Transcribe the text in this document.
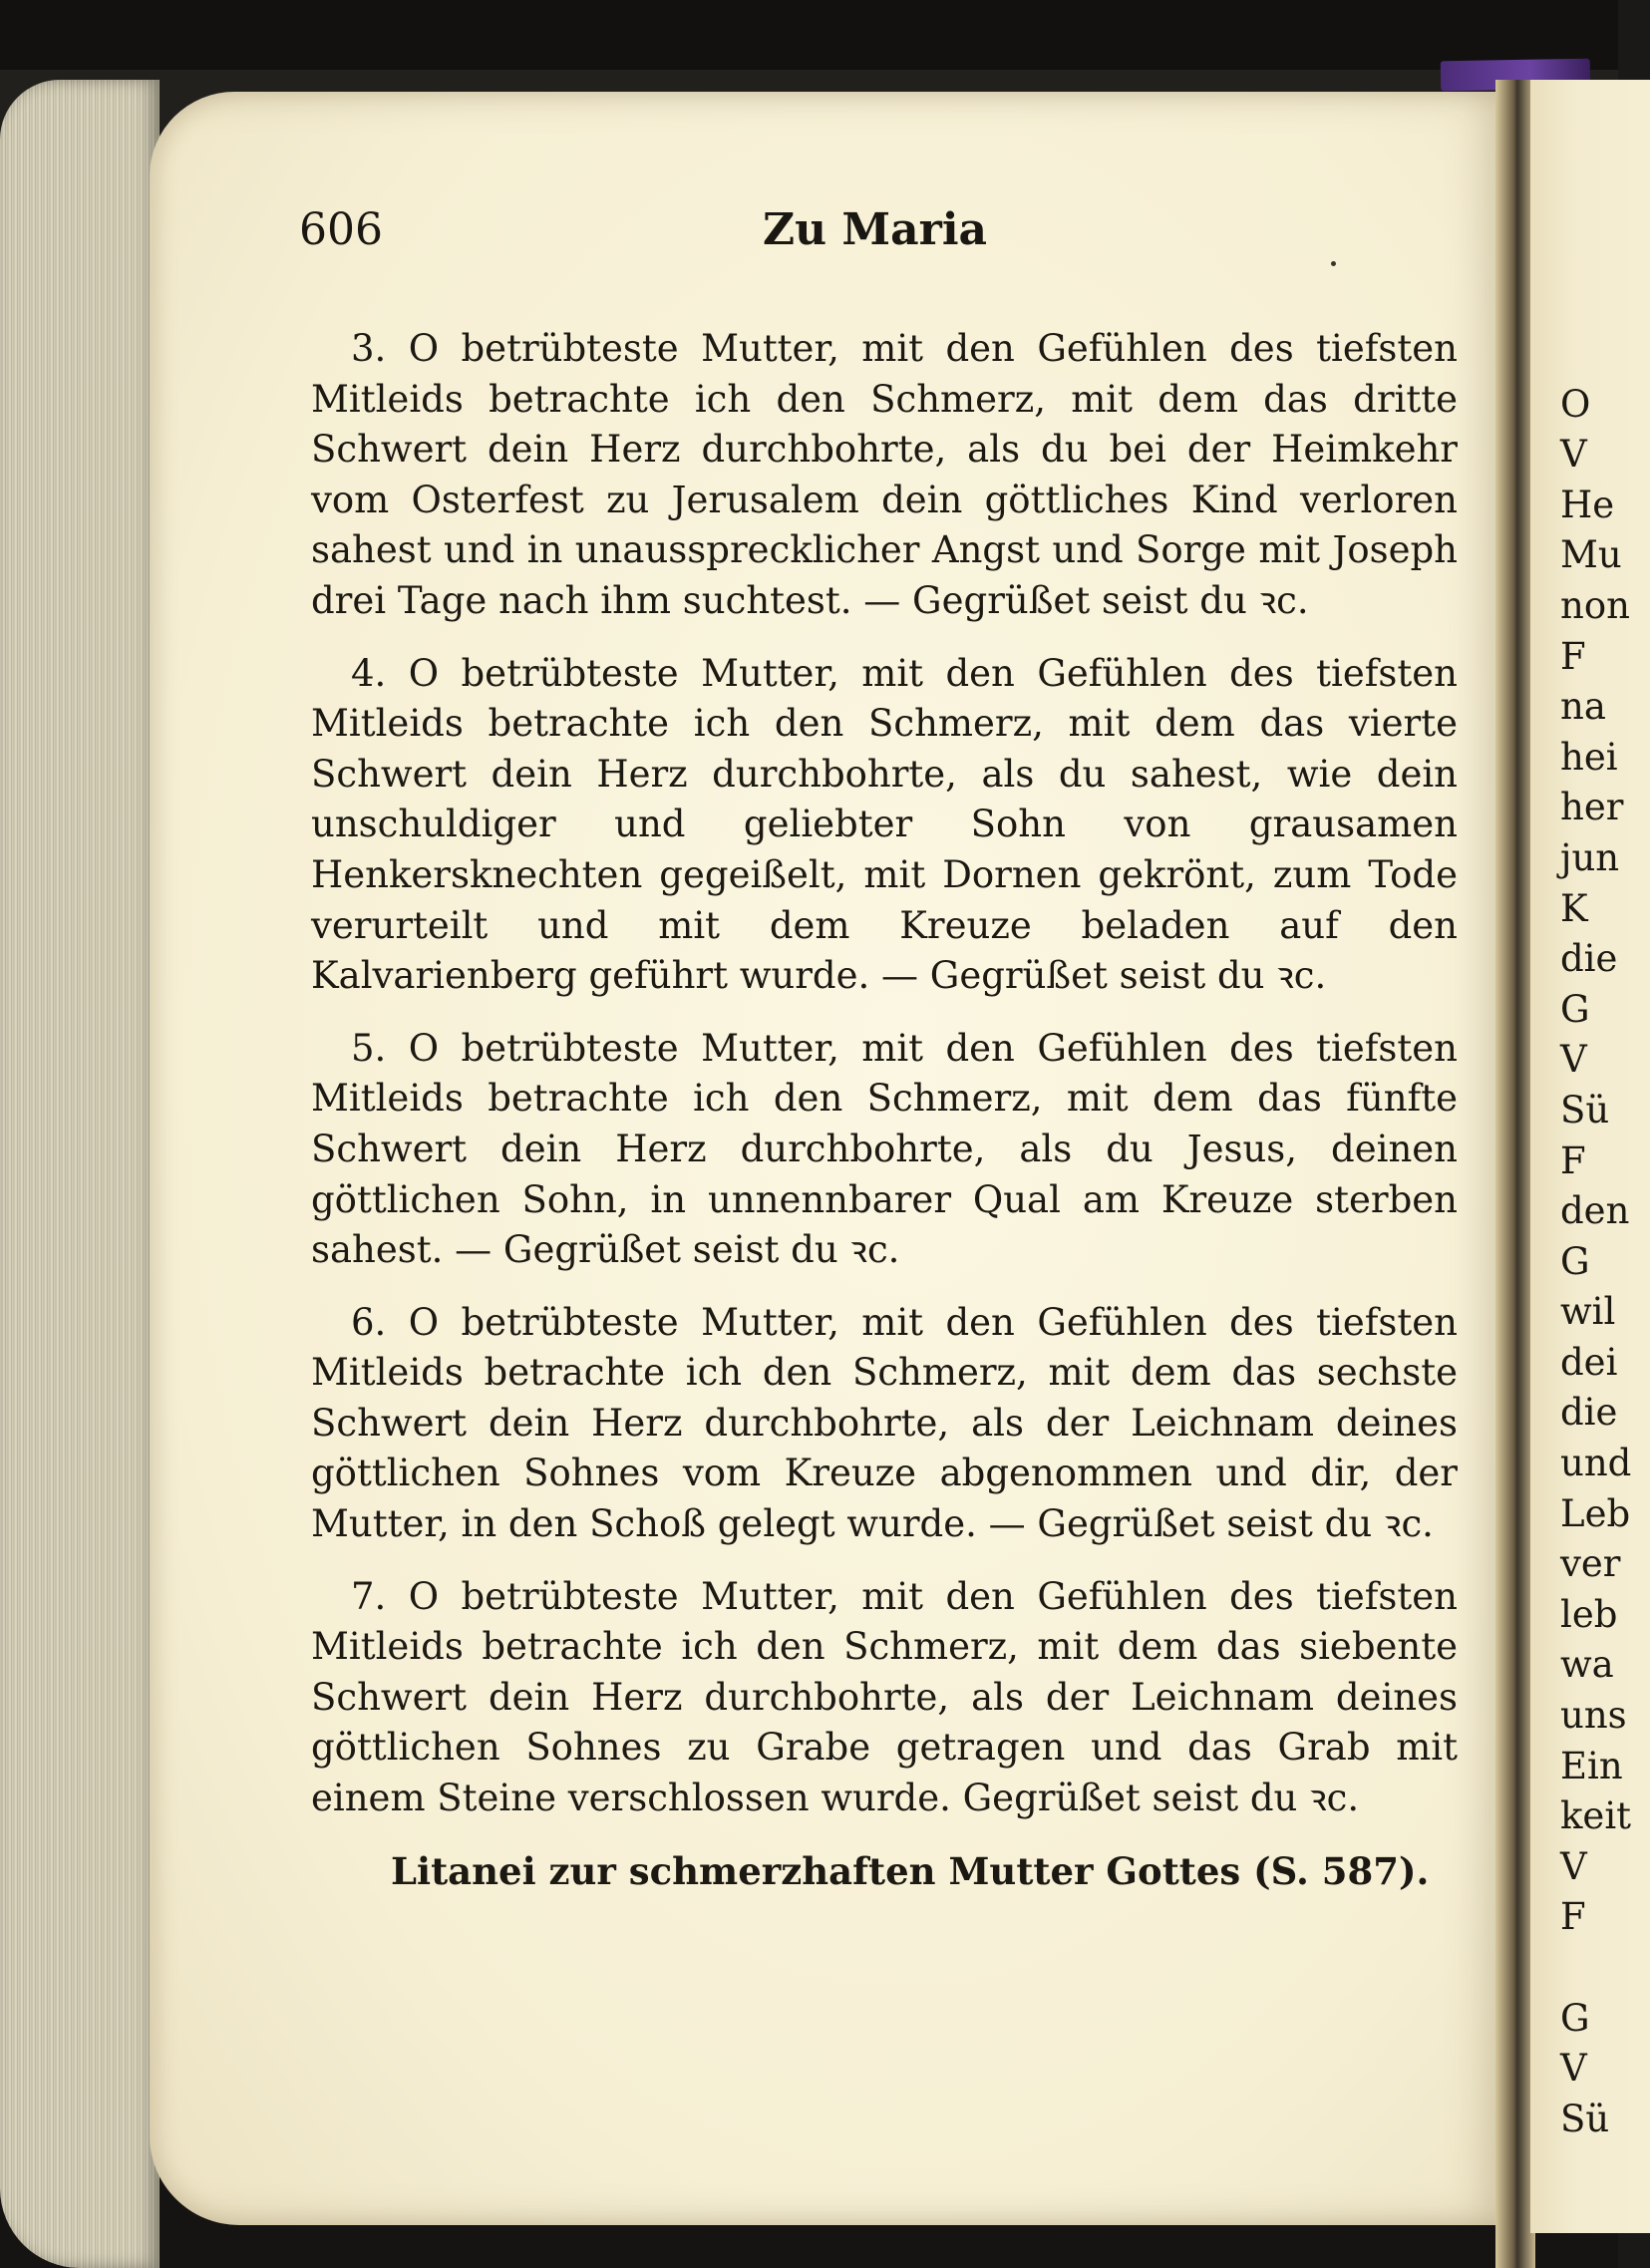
606	Zu Maria

3. O betrübteste Mutter, mit den Gefühlen des tiefsten Mitleids betrachte ich den Schmerz, mit dem das dritte Schwert dein Herz durchbohrte, als du bei der Heimkehr vom Osterfest zu Jerusalem dein göttliches Kind verloren sahest und in unaussprecklicher Angst und Sorge mit Joseph drei Tage nach ihm suchtest. — Gegrüßet seist du ꝛc.

4. O betrübteste Mutter, mit den Gefühlen des tiefsten Mitleids betrachte ich den Schmerz, mit dem das vierte Schwert dein Herz durchbohrte, als du sahest, wie dein unschuldiger und geliebter Sohn von grausamen Henkersknechten gegeißelt, mit Dornen gekrönt, zum Tode verurteilt und mit dem Kreuze beladen auf den Kalvarienberg geführt wurde. — Gegrüßet seist du ꝛc.

5. O betrübteste Mutter, mit den Gefühlen des tiefsten Mitleids betrachte ich den Schmerz, mit dem das fünfte Schwert dein Herz durchbohrte, als du Jesus, deinen göttlichen Sohn, in unnennbarer Qual am Kreuze sterben sahest. — Gegrüßet seist du ꝛc.

6. O betrübteste Mutter, mit den Gefühlen des tiefsten Mitleids betrachte ich den Schmerz, mit dem das sechste Schwert dein Herz durchbohrte, als der Leichnam deines göttlichen Sohnes vom Kreuze abgenommen und dir, der Mutter, in den Schoß gelegt wurde. — Gegrüßet seist du ꝛc.

7. O betrübteste Mutter, mit den Gefühlen des tiefsten Mitleids betrachte ich den Schmerz, mit dem das siebente Schwert dein Herz durchbohrte, als der Leichnam deines göttlichen Sohnes zu Grabe getragen und das Grab mit einem Steine verschlossen wurde. Gegrüßet seist du ꝛc.

Litanei zur schmerzhaften Mutter Gottes (S. 587).

O
V
He
Mu
non
F
na
hei
her
jun
K
die
G
V
Sü
F
den
G
wil
dei
die
und
Leb
ver
leb
wa
uns
Ein
keit
V
F
G
V
Sü
